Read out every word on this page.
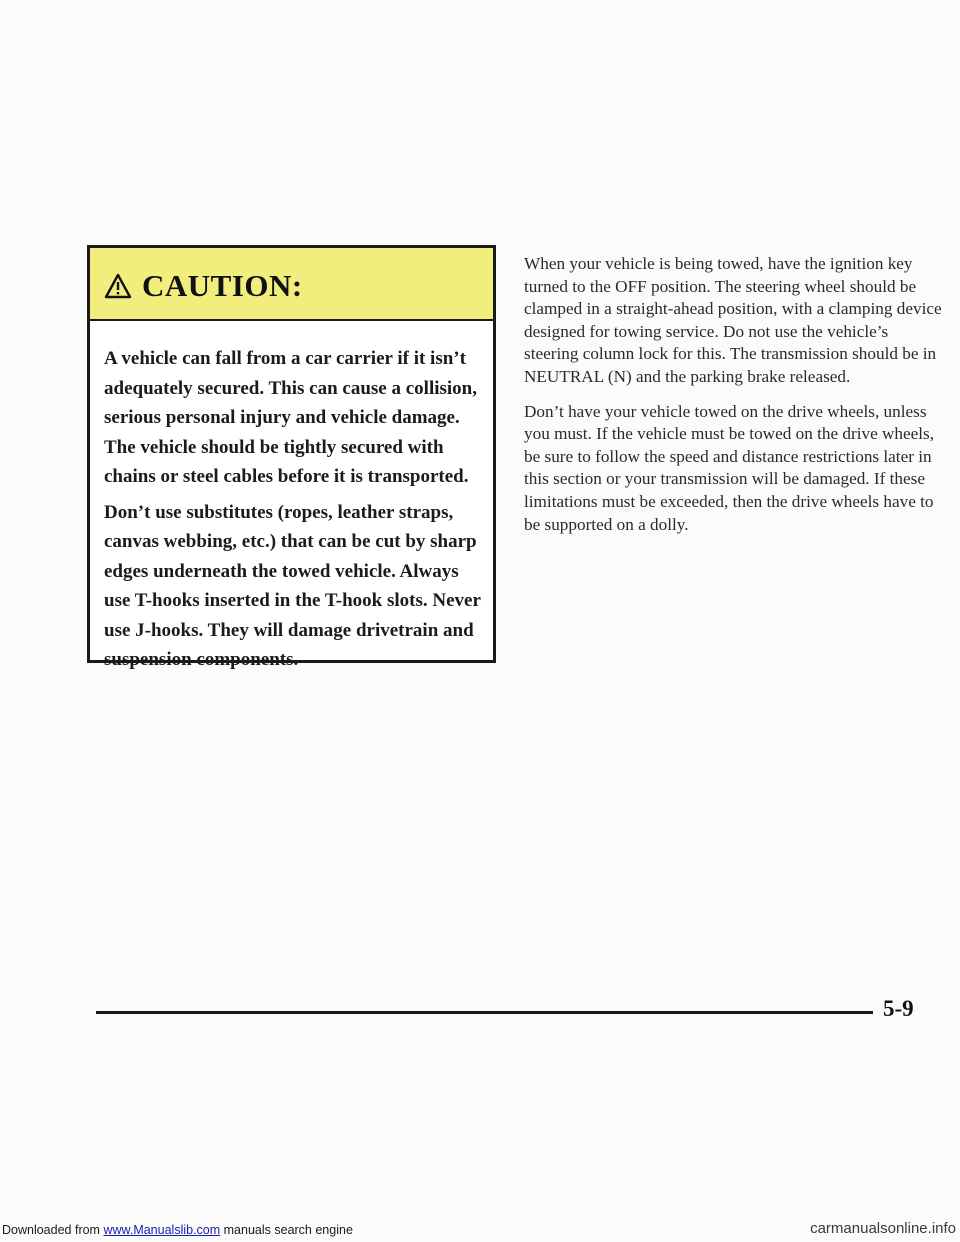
CAUTION:

A vehicle can fall from a car carrier if it isn’t adequately secured. This can cause a collision, serious personal injury and vehicle damage. The vehicle should be tightly secured with chains or steel cables before it is transported.

Don’t use substitutes (ropes, leather straps, canvas webbing, etc.) that can be cut by sharp edges underneath the towed vehicle. Always use T-hooks inserted in the T-hook slots. Never use J-hooks. They will damage drivetrain and suspension components.

When your vehicle is being towed, have the ignition key turned to the OFF position. The steering wheel should be clamped in a straight-ahead position, with a clamping device designed for towing service. Do not use the vehicle’s steering column lock for this. The transmission should be in NEUTRAL (N) and the parking brake released.

Don’t have your vehicle towed on the drive wheels, unless you must. If the vehicle must be towed on the drive wheels, be sure to follow the speed and distance restrictions later in this section or your transmission will be damaged. If these limitations must be exceeded, then the drive wheels have to be supported on a dolly.

5-9
Downloaded from www.Manualslib.com manuals search engine	carmanualsonline.info
